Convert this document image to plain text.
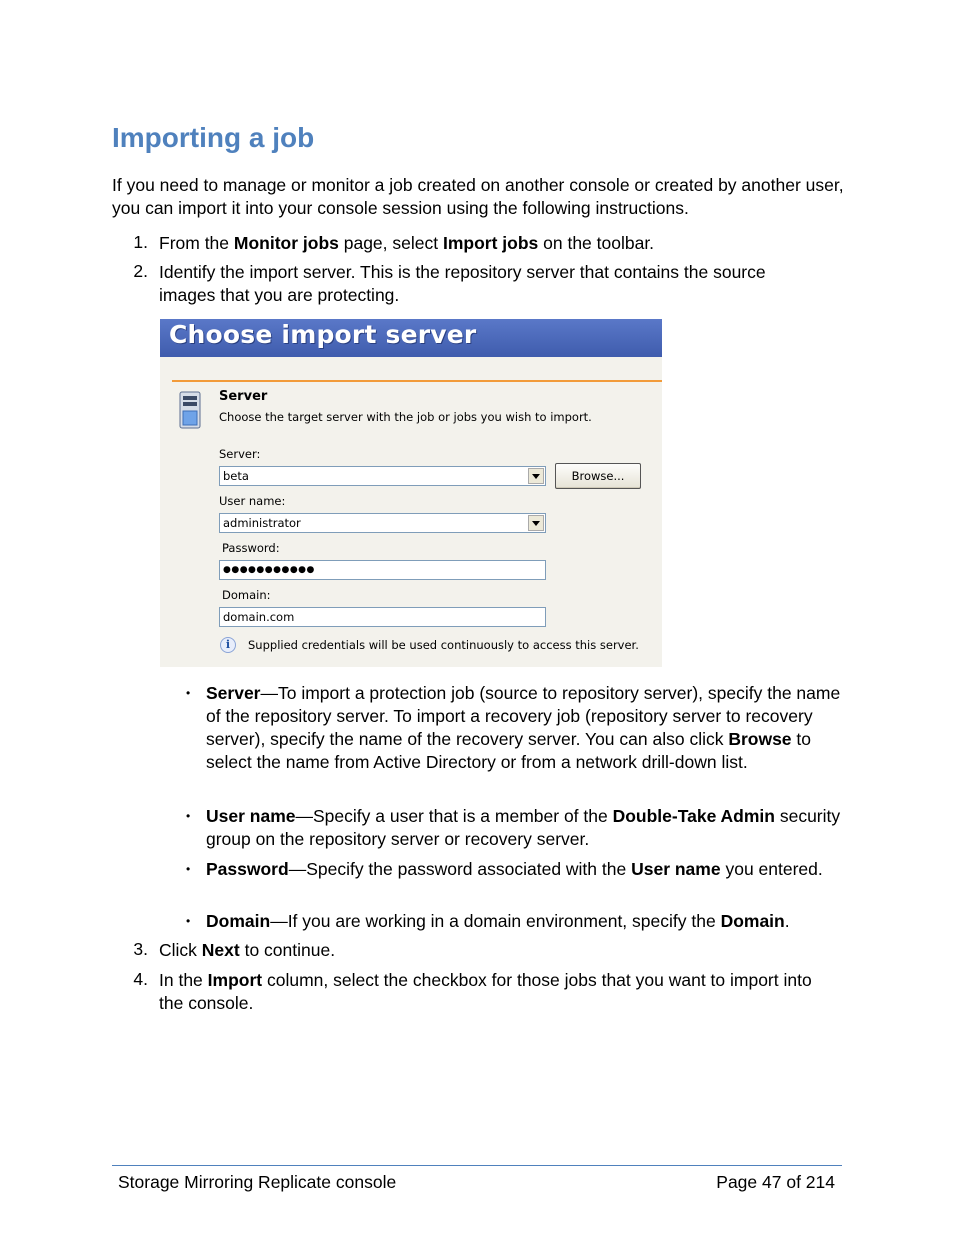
Importing a job
If you need to manage or monitor a job created on another console or created by another user, you can import it into your console session using the following instructions.
1. From the Monitor jobs page, select Import jobs on the toolbar.
2. Identify the import server. This is the repository server that contains the source images that you are protecting.
Choose import server
Server
Choose the target server with the job or jobs you wish to import.
Server:
beta	Browse...
User name:
administrator
Password:
●●●●●●●●●●●
Domain:
domain.com
i	Supplied credentials will be used continuously to access this server.
• Server—To import a protection job (source to repository server), specify the name of the repository server. To import a recovery job (repository server to recovery server), specify the name of the recovery server. You can also click Browse to select the name from Active Directory or from a network drill-down list.
• User name—Specify a user that is a member of the Double-Take Admin security group on the repository server or recovery server.
• Password—Specify the password associated with the User name you entered.
• Domain—If you are working in a domain environment, specify the Domain.
3. Click Next to continue.
4. In the Import column, select the checkbox for those jobs that you want to import into the console.
Storage Mirroring Replicate console	Page 47 of 214
